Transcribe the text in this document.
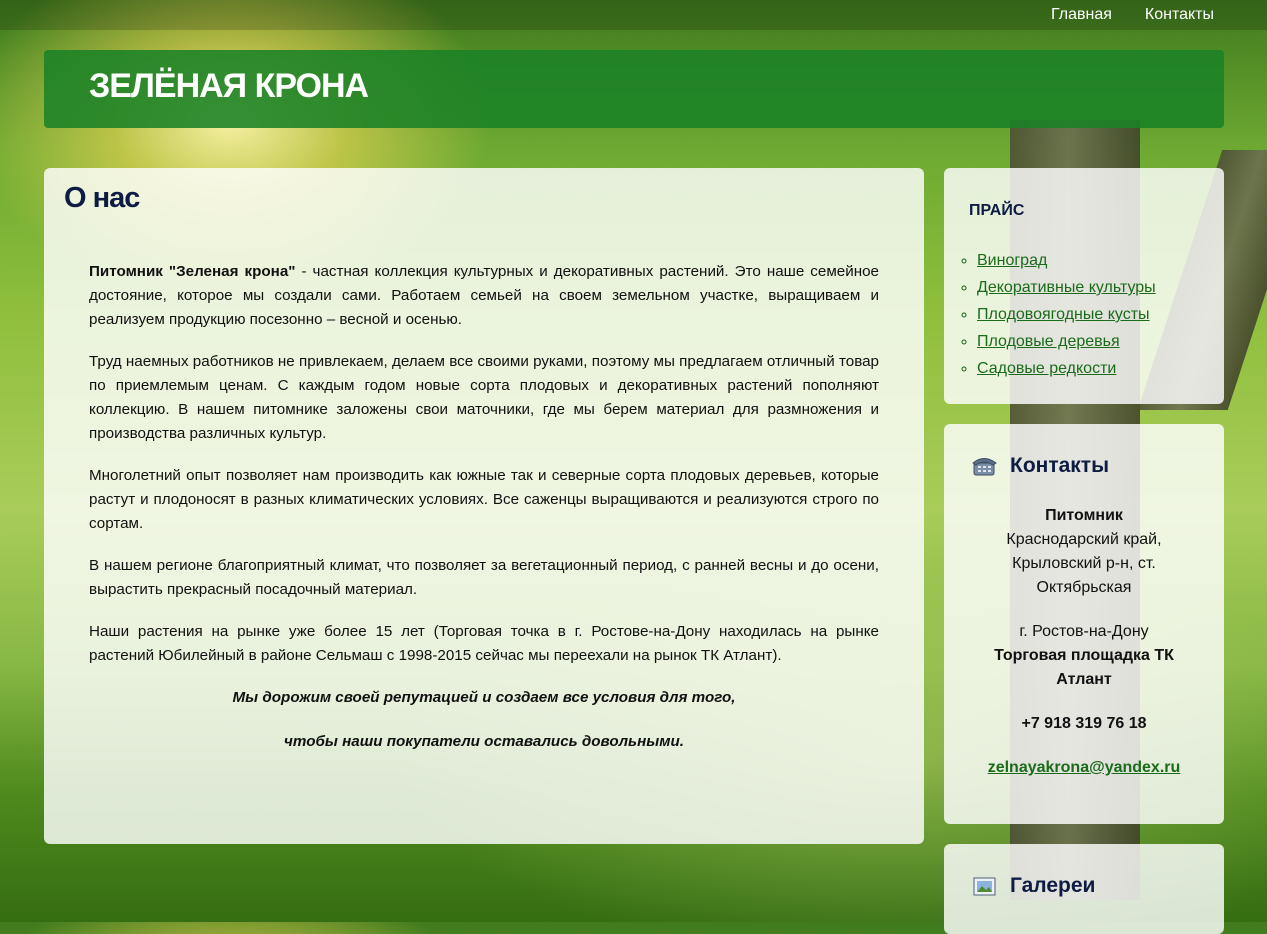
Главная Контакты
ЗЕЛЁНАЯ КРОНА
О нас

Питомник "Зеленая крона" - частная коллекция культурных и декоративных растений. Это наше семейное достояние, которое мы создали сами. Работаем семьей на своем земельном участке, выращиваем и реализуем продукцию посезонно – весной и осенью.

Труд наемных работников не привлекаем, делаем все своими руками, поэтому мы предлагаем отличный товар по приемлемым ценам. С каждым годом новые сорта плодовых и декоративных растений пополняют коллекцию. В нашем питомнике заложены свои маточники, где мы берем материал для размножения и производства различных культур.

Многолетний опыт позволяет нам производить как южные так и северные сорта плодовых деревьев, которые растут и плодоносят в разных климатических условиях. Все саженцы выращиваются и реализуются строго по сортам.

В нашем регионе благоприятный климат, что позволяет за вегетационный период, с ранней весны и до осени, вырастить прекрасный посадочный материал.

Наши растения на рынке уже более 15 лет (Торговая точка в г. Ростове-на-Дону находилась на рынке растений Юбилейный в районе Сельмаш с 1998-2015 сейчас мы переехали на рынок ТК Атлант).

Мы дорожим своей репутацией и создаем все условия для того,

чтобы наши покупатели оставались довольными.

ПРАЙС
◦ Виноград
◦ Декоративные культуры
◦ Плодовоягодные кусты
◦ Плодовые деревья
◦ Садовые редкости
Контакты
Питомник
Краснодарский край, Крыловский р-н, ст. Октябрьская
г. Ростов-на-Дону
Торговая площадка ТК Атлант
+7 918 319 76 18
zelnayakrona@yandex.ru
Галереи
